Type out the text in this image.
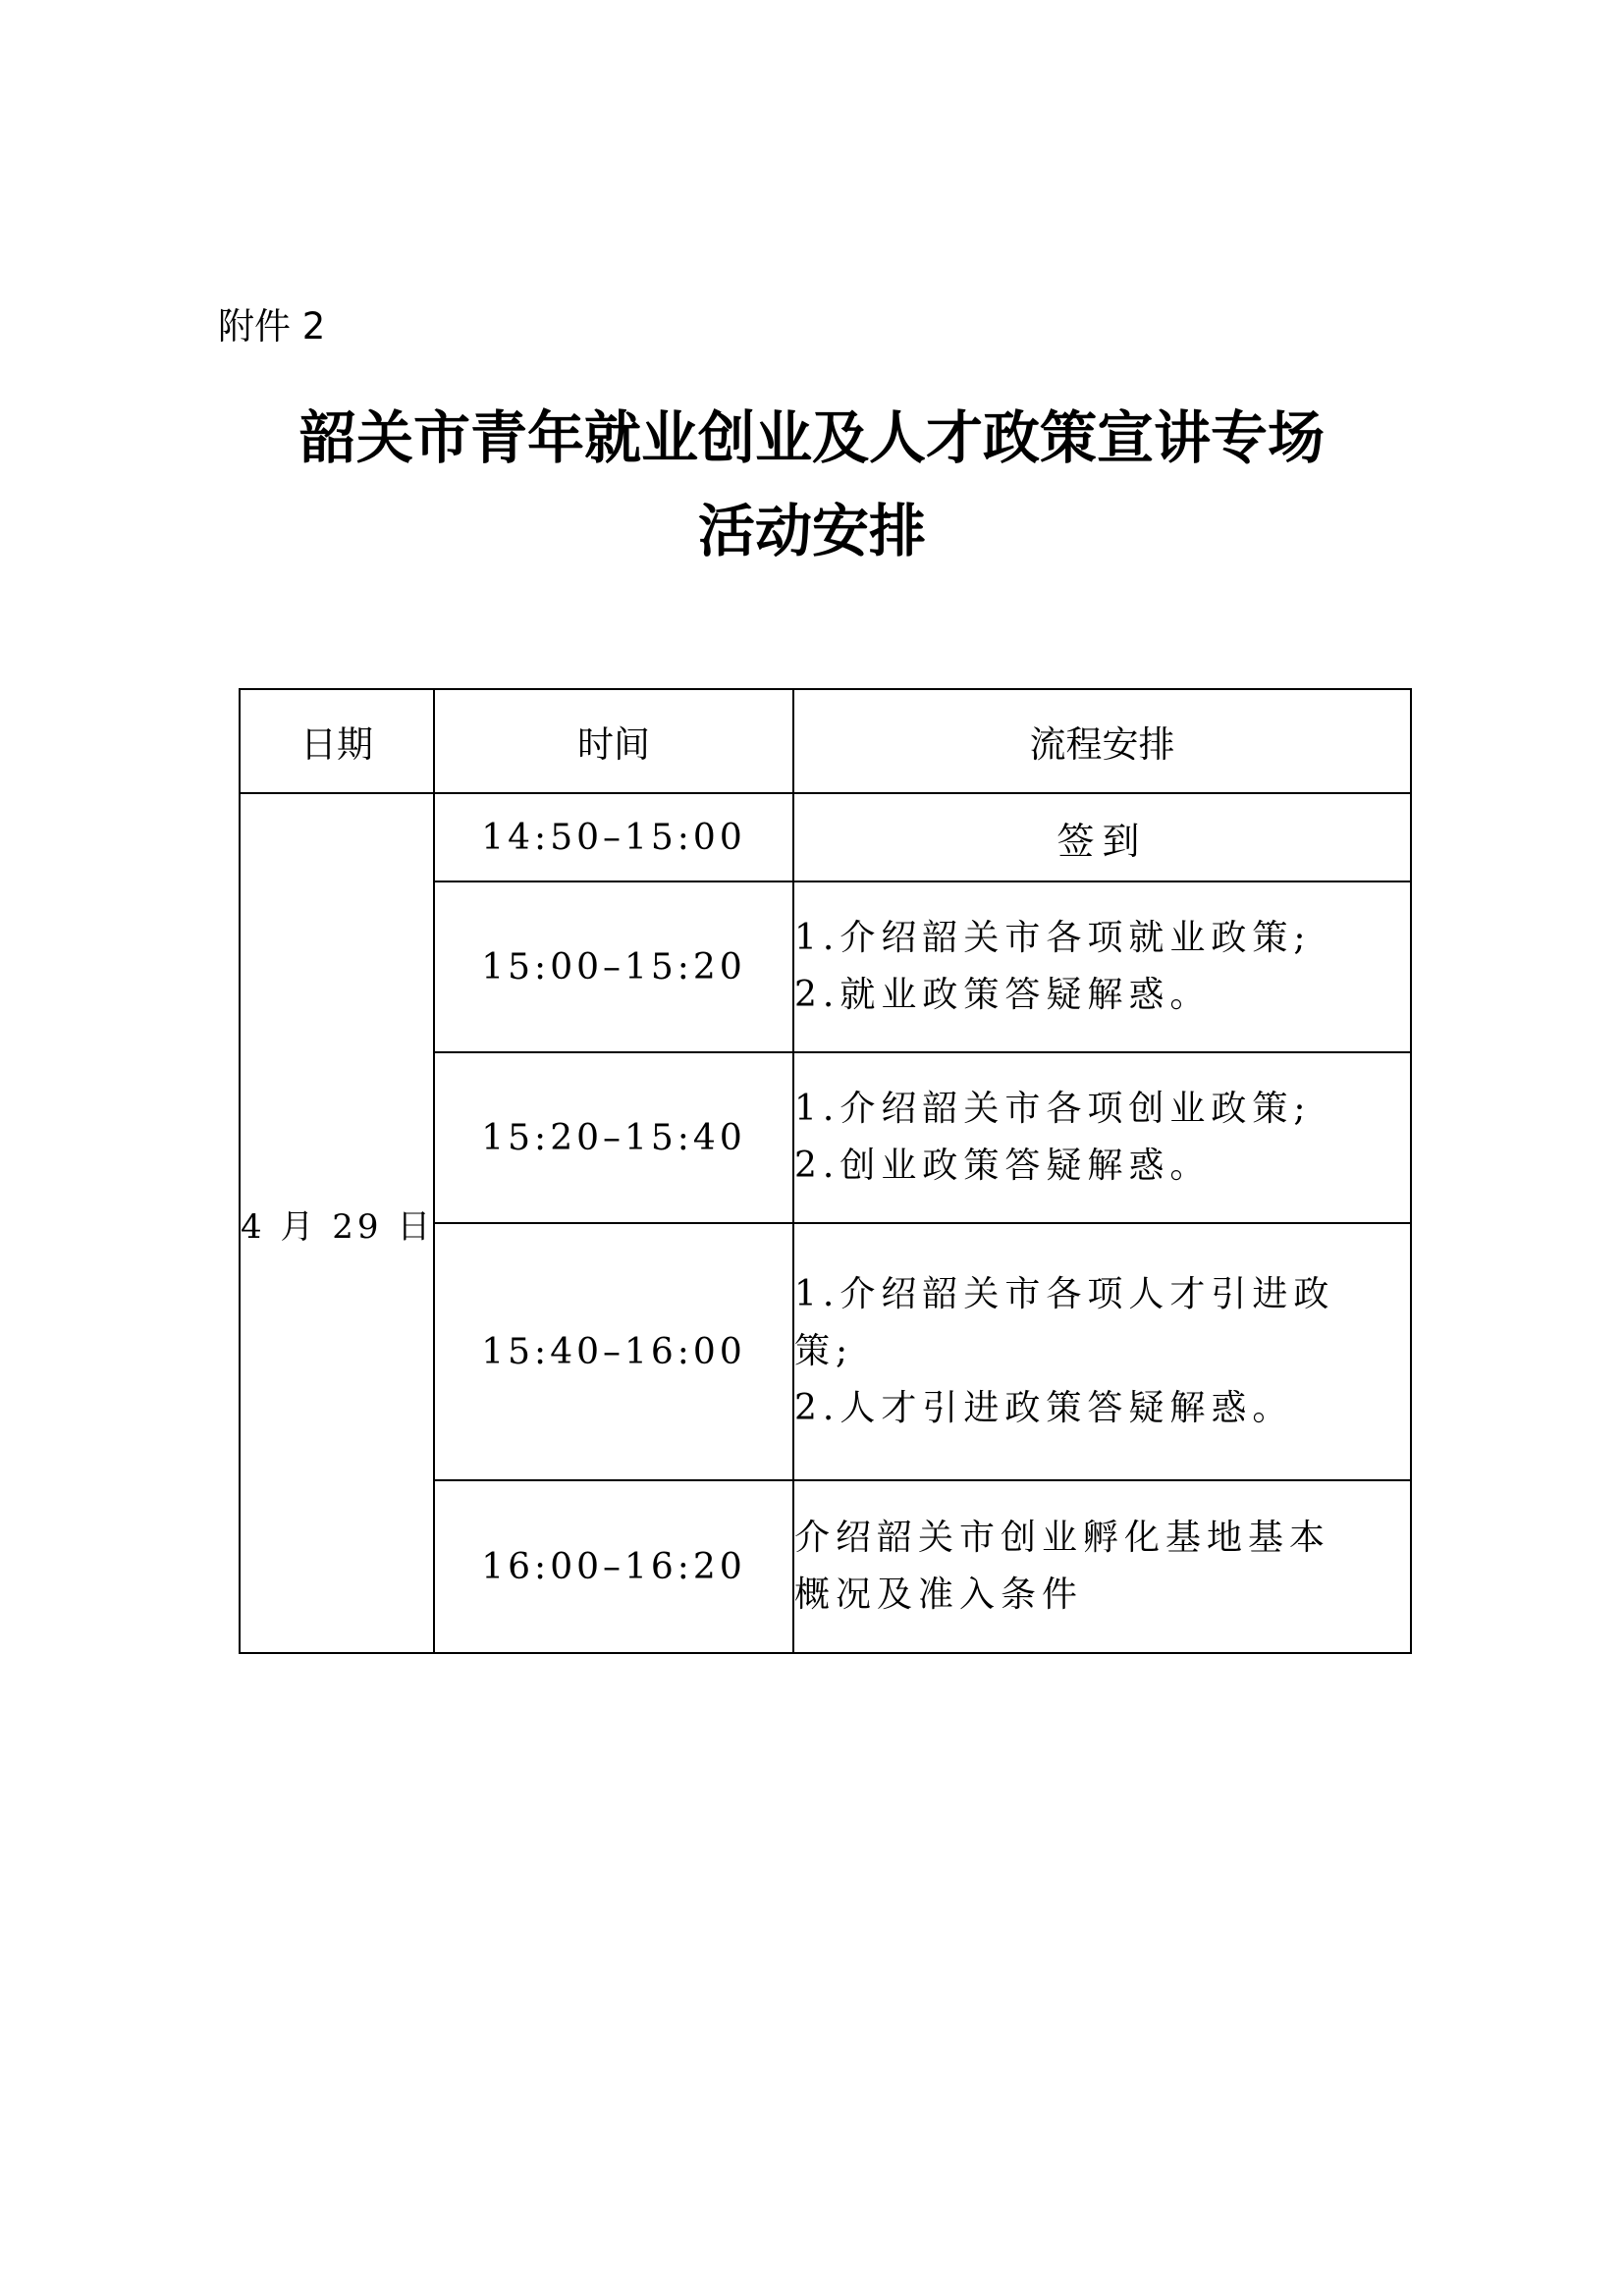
附件 2
韶关市青年就业创业及人才政策宣讲专场
活动安排
日期	时间	流程安排
4 月 29 日	14:50–15:00	签到
	15:00–15:20	1.介绍韶关市各项就业政策;
2.就业政策答疑解惑。

	15:20–15:40	1.介绍韶关市各项创业政策;
2.创业政策答疑解惑。

	15:40–16:00	1.介绍韶关市各项人才引进政
策;
2.人才引进政策答疑解惑。

	16:00–16:20	介绍韶关市创业孵化基地基本
概况及准入条件
